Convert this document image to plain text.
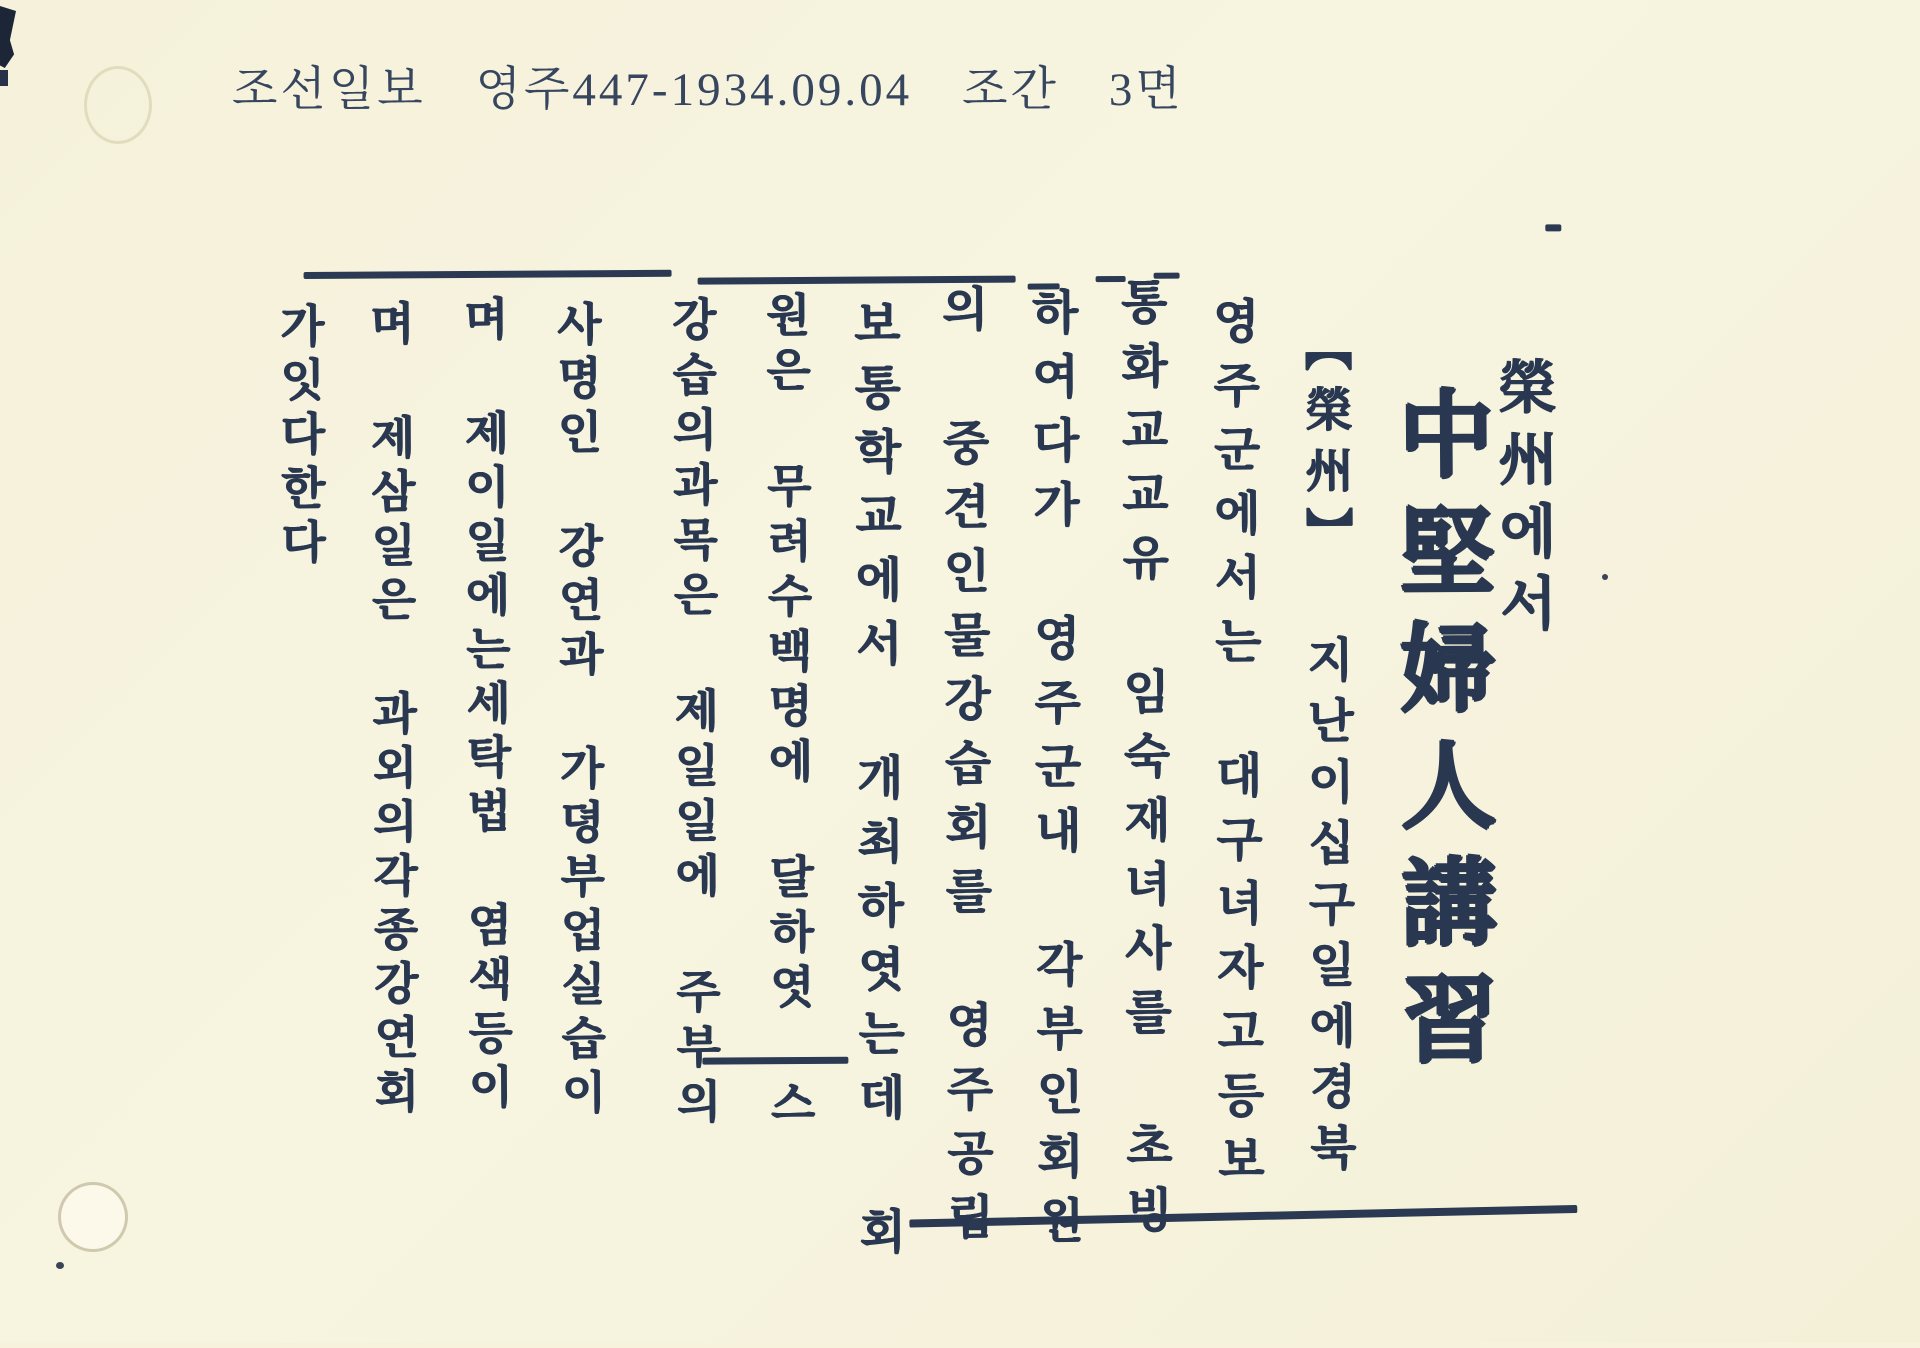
조선일보　영주447-1934.09.04　조간　3면
榮州에서
中堅婦人講習
【榮州】 지난이십구일에경북
영주군에서는 대구녀자고등보
통화교교유 임숙재녀사를 초빙
하여다가 영주군내 각부인회원
의 중견인물강습회를 영주공립
보통학교에서 개최하엿는데 회
원은 무려수백명에 달하엿 스
강습의과목은 제일일에 주부의
사명인 강연과 가뎡부업실습이
며 제이일에는세탁법 염색등이
며 제삼일은 과외의각종강연회
가잇다한다
